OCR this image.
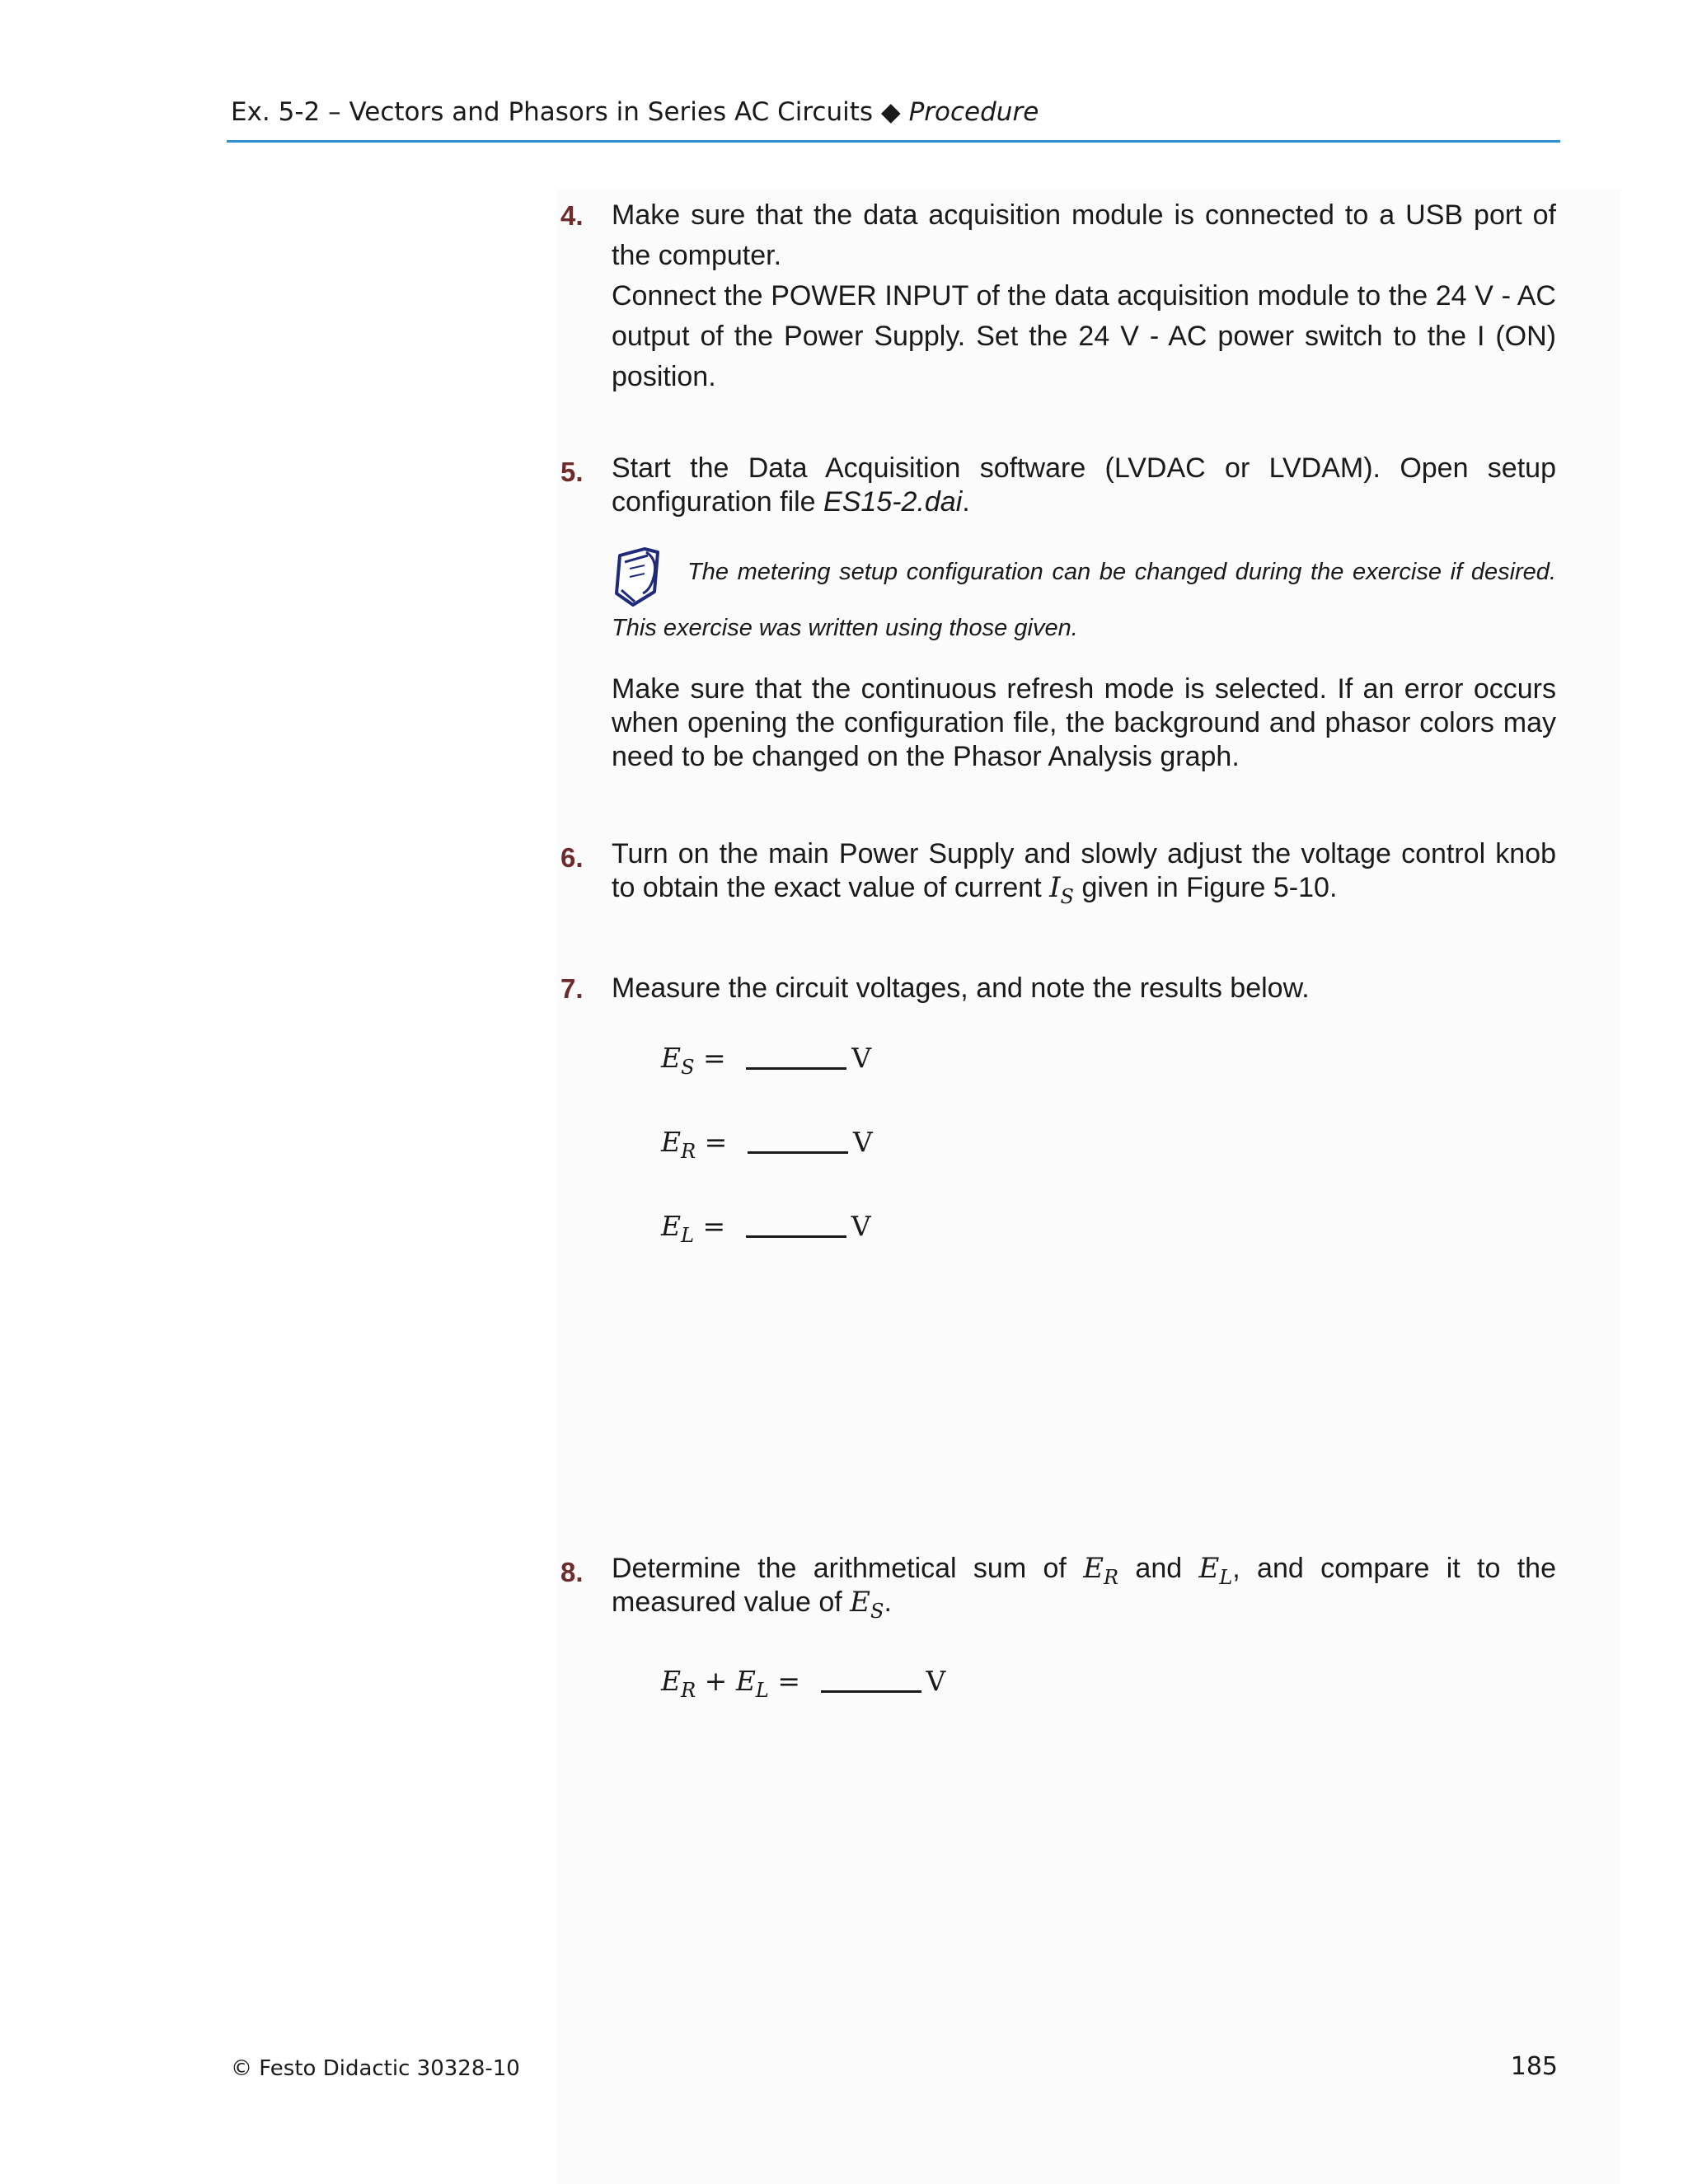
Ex. 5-2 – Vectors and Phasors in Series AC Circuits ◆ Procedure
4.	Make sure that the data acquisition module is connected to a USB port of the computer.

Connect the POWER INPUT of the data acquisition module to the 24 V - AC output of the Power Supply. Set the 24 V - AC power switch to the I (ON) position.

5.	Start the Data Acquisition software (LVDAC or LVDAM). Open setup configuration file ES15-2.dai.

The metering setup configuration can be changed during the exercise if desired. This exercise was written using those given.

Make sure that the continuous refresh mode is selected. If an error occurs when opening the configuration file, the background and phasor colors may need to be changed on the Phasor Analysis graph.

6.	Turn on the main Power Supply and slowly adjust the voltage control knob to obtain the exact value of current $I_S$ given in Figure 5-10.

7.	Measure the circuit voltages, and note the results below.

$E_S$ =	V
$E_R$ =	V
$E_L$ =	V
8.	Determine the arithmetical sum of $E_R$ and $E_L$, and compare it to the measured value of $E_S$.

$E_R + E_L$ =	V
© Festo Didactic 30328-10	185
